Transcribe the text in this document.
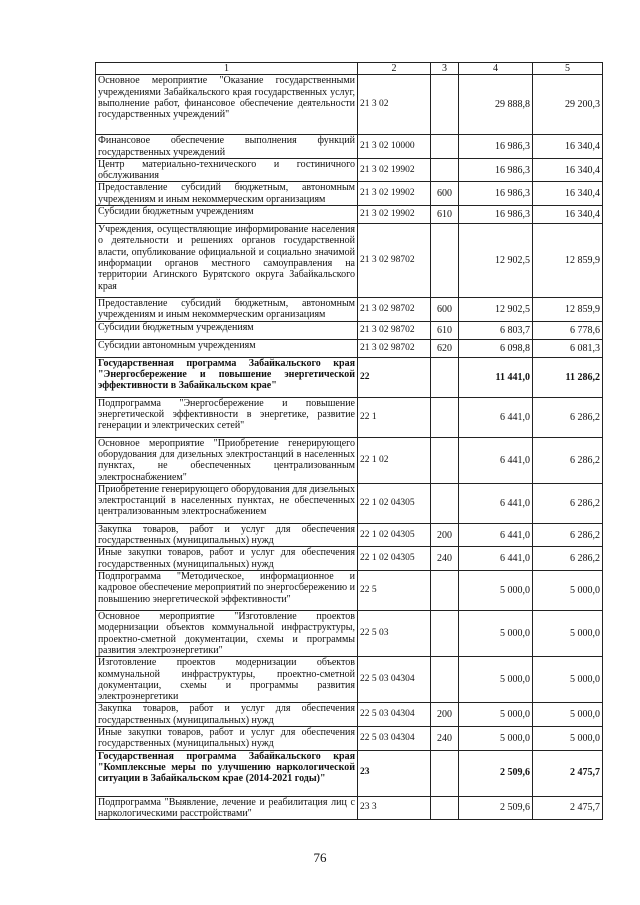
1	2	3	4	5
Основное мероприятие "Оказание государственными учреждениями Забайкальского края государственных услуг, выполнение работ, финансовое обеспечение деятельности государственных учреждений"	21 3 02		29 888,8	29 200,3
Финансовое обеспечение выполнения функций государственных учреждений	21 3 02 10000		16 986,3	16 340,4
Центр материально-технического и гостиничного обслуживания	21 3 02 19902		16 986,3	16 340,4
Предоставление субсидий бюджетным, автономным учреждениям и иным некоммерческим организациям	21 3 02 19902	600	16 986,3	16 340,4
Субсидии бюджетным учреждениям	21 3 02 19902	610	16 986,3	16 340,4
Учреждения, осуществляющие информирование населения о деятельности и решениях органов государственной власти, опубликование официальной и социально значимой информации органов местного самоуправления на территории Агинского Бурятского округа Забайкальского края	21 3 02 98702		12 902,5	12 859,9
Предоставление субсидий бюджетным, автономным учреждениям и иным некоммерческим организациям	21 3 02 98702	600	12 902,5	12 859,9
Субсидии бюджетным учреждениям	21 3 02 98702	610	6 803,7	6 778,6
Субсидии автономным учреждениям	21 3 02 98702	620	6 098,8	6 081,3
Государственная программа Забайкальского края "Энергосбережение и повышение энергетической эффективности в Забайкальском крае"	22		11 441,0	11 286,2
Подпрограмма "Энергосбережение и повышение энергетической эффективности в энергетике, развитие генерации и электрических сетей"	22 1		6 441,0	6 286,2
Основное мероприятие "Приобретение генерирующего оборудования для дизельных электростанций в населенных пунктах, не обеспеченных централизованным электроснабжением"	22 1 02		6 441,0	6 286,2
Приобретение генерирующего оборудования для дизельных электростанций в населенных пунктах, не обеспеченных централизованным электроснабжением	22 1 02 04305		6 441,0	6 286,2
Закупка товаров, работ и услуг для обеспечения государственных (муниципальных) нужд	22 1 02 04305	200	6 441,0	6 286,2
Иные закупки товаров, работ и услуг для обеспечения государственных (муниципальных) нужд	22 1 02 04305	240	6 441,0	6 286,2
Подпрограмма "Методическое, информационное и кадровое обеспечение мероприятий по энергосбережению и повышению энергетической эффективности"	22 5		5 000,0	5 000,0
Основное мероприятие "Изготовление проектов модернизации объектов коммунальной инфраструктуры, проектно-сметной документации, схемы и программы развития электроэнергетики"	22 5 03		5 000,0	5 000,0
Изготовление проектов модернизации объектов коммунальной инфраструктуры, проектно-сметной документации, схемы и программы развития электроэнергетики	22 5 03 04304		5 000,0	5 000,0
Закупка товаров, работ и услуг для обеспечения государственных (муниципальных) нужд	22 5 03 04304	200	5 000,0	5 000,0
Иные закупки товаров, работ и услуг для обеспечения государственных (муниципальных) нужд	22 5 03 04304	240	5 000,0	5 000,0
Государственная программа Забайкальского края "Комплексные меры по улучшению наркологической ситуации в Забайкальском крае (2014-2021 годы)"	23		2 509,6	2 475,7
Подпрограмма "Выявление, лечение и реабилитация лиц с наркологическими расстройствами"	23 3		2 509,6	2 475,7
76
